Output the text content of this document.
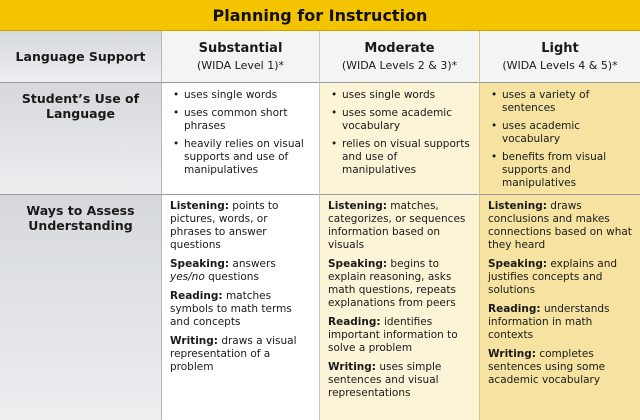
Planning for Instruction
Language Support
Substantial
(WIDA Level 1)*
Moderate
(WIDA Levels 2 & 3)*
Light
(WIDA Levels 4 & 5)*
Student’s Use of Language
• uses single words
• uses common short phrases
• heavily relies on visual supports and use of manipulatives
• uses single words
• uses some academic vocabulary
• relies on visual supports and use of manipulatives
• uses a variety of sentences
• uses academic vocabulary
• benefits from visual supports and manipulatives
Ways to Assess Understanding

Listening: points to pictures, words, or phrases to answer questions

Speaking: answers yes/no questions

Reading: matches symbols to math terms and concepts

Writing: draws a visual representation of a problem

Listening: matches, categorizes, or sequences information based on visuals

Speaking: begins to explain reasoning, asks math questions, repeats explanations from peers

Reading: identifies important information to solve a problem

Writing: uses simple sentences and visual representations

Listening: draws conclusions and makes connections based on what they heard

Speaking: explains and justifies concepts and solutions

Reading: understands information in math contexts

Writing: completes sentences using some academic vocabulary
